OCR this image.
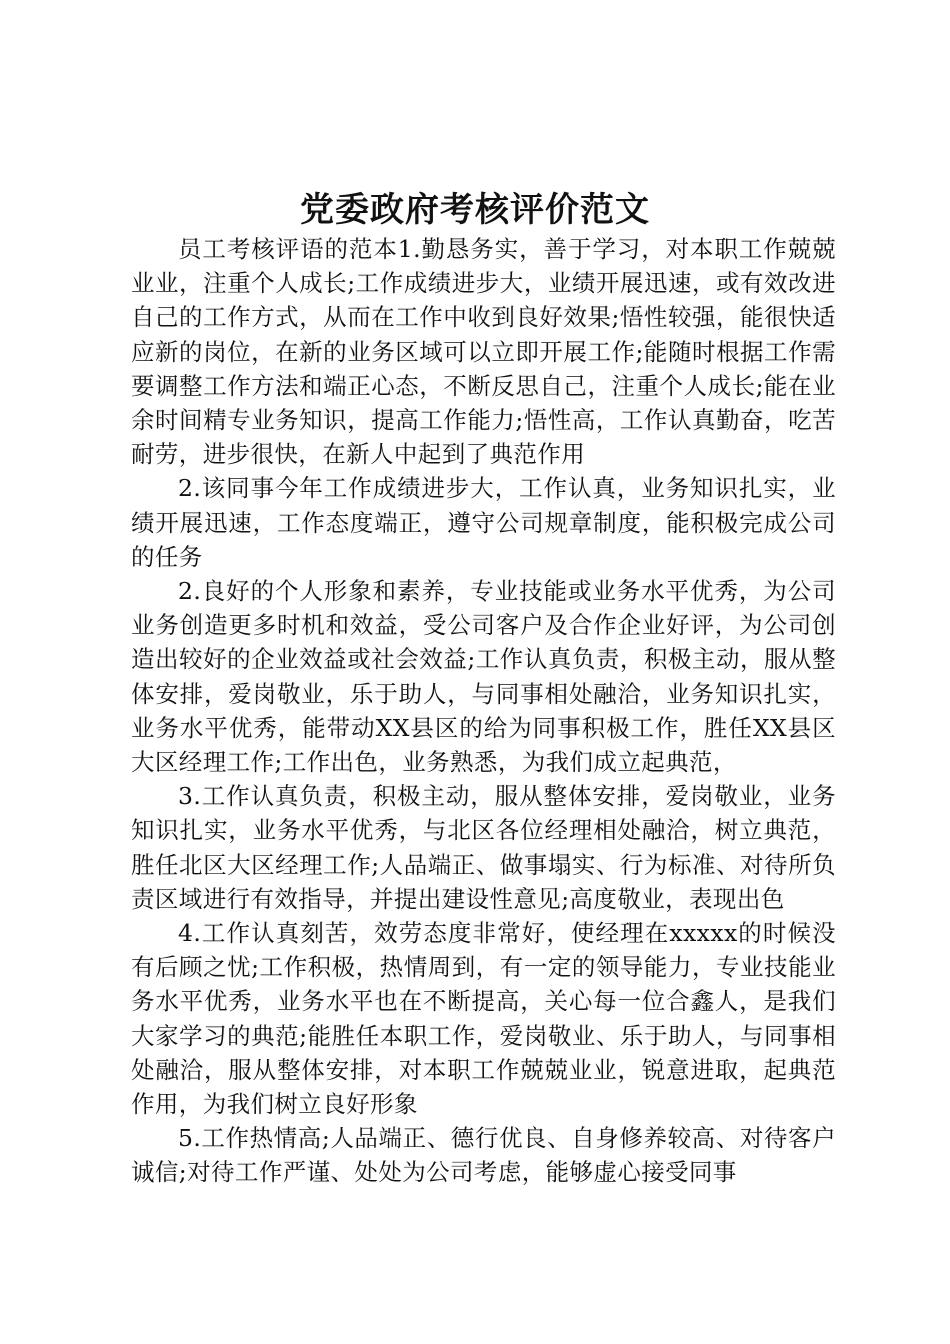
党委政府考核评价范文

员工考核评语的范本1.勤恳务实，善于学习，对本职工作兢兢业业，注重个人成长;工作成绩进步大，业绩开展迅速，或有效改进自己的工作方式，从而在工作中收到良好效果;悟性较强，能很快适应新的岗位，在新的业务区域可以立即开展工作;能随时根据工作需要调整工作方法和端正心态，不断反思自己，注重个人成长;能在业余时间精专业务知识，提高工作能力;悟性高，工作认真勤奋，吃苦耐劳，进步很快，在新人中起到了典范作用

2.该同事今年工作成绩进步大，工作认真，业务知识扎实，业绩开展迅速，工作态度端正，遵守公司规章制度，能积极完成公司的任务

2.良好的个人形象和素养，专业技能或业务水平优秀，为公司业务创造更多时机和效益，受公司客户及合作企业好评，为公司创造出较好的企业效益或社会效益;工作认真负责，积极主动，服从整体安排，爱岗敬业，乐于助人，与同事相处融洽，业务知识扎实，业务水平优秀，能带动XX县区的给为同事积极工作，胜任XX县区大区经理工作;工作出色，业务熟悉，为我们成立起典范，

3.工作认真负责，积极主动，服从整体安排，爱岗敬业，业务知识扎实，业务水平优秀，与北区各位经理相处融洽，树立典范，胜任北区大区经理工作;人品端正、做事塌实、行为标准、对待所负责区域进行有效指导，并提出建设性意见;高度敬业，表现出色

4.工作认真刻苦，效劳态度非常好，使经理在xxxxx的时候没有后顾之忧;工作积极，热情周到，有一定的领导能力，专业技能业务水平优秀，业务水平也在不断提高，关心每一位合鑫人，是我们大家学习的典范;能胜任本职工作，爱岗敬业、乐于助人，与同事相处融洽，服从整体安排，对本职工作兢兢业业，锐意进取，起典范作用，为我们树立良好形象

5.工作热情高;人品端正、德行优良、自身修养较高、对待客户诚信;对待工作严谨、处处为公司考虑，能够虚心接受同事
